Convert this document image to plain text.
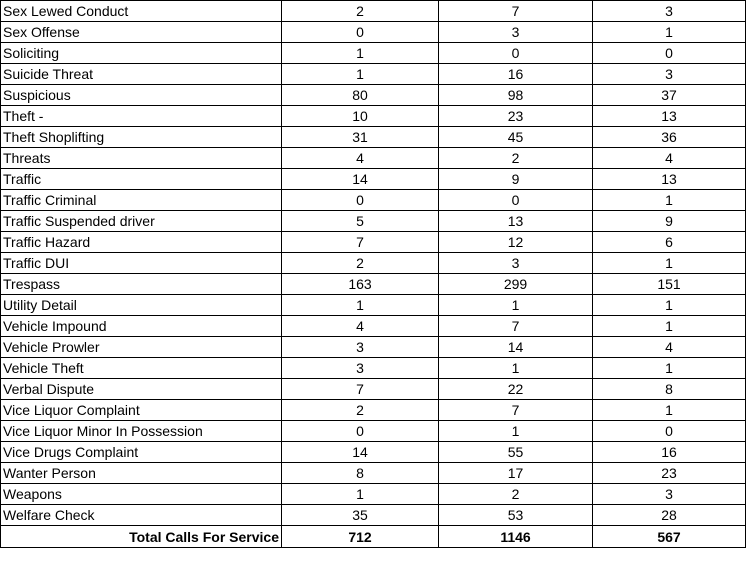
Sex Lewed Conduct	2	7	3
Sex Offense	0	3	1
Soliciting	1	0	0
Suicide Threat	1	16	3
Suspicious	80	98	37
Theft -	10	23	13
Theft Shoplifting	31	45	36
Threats	4	2	4
Traffic	14	9	13
Traffic Criminal	0	0	1
Traffic Suspended driver	5	13	9
Traffic Hazard	7	12	6
Traffic DUI	2	3	1
Trespass	163	299	151
Utility Detail	1	1	1
Vehicle Impound	4	7	1
Vehicle Prowler	3	14	4
Vehicle Theft	3	1	1
Verbal Dispute	7	22	8
Vice Liquor Complaint	2	7	1
Vice Liquor Minor In Possession	0	1	0
Vice Drugs Complaint	14	55	16
Wanter Person	8	17	23
Weapons	1	2	3
Welfare Check	35	53	28
Total Calls For Service	712	1146	567
